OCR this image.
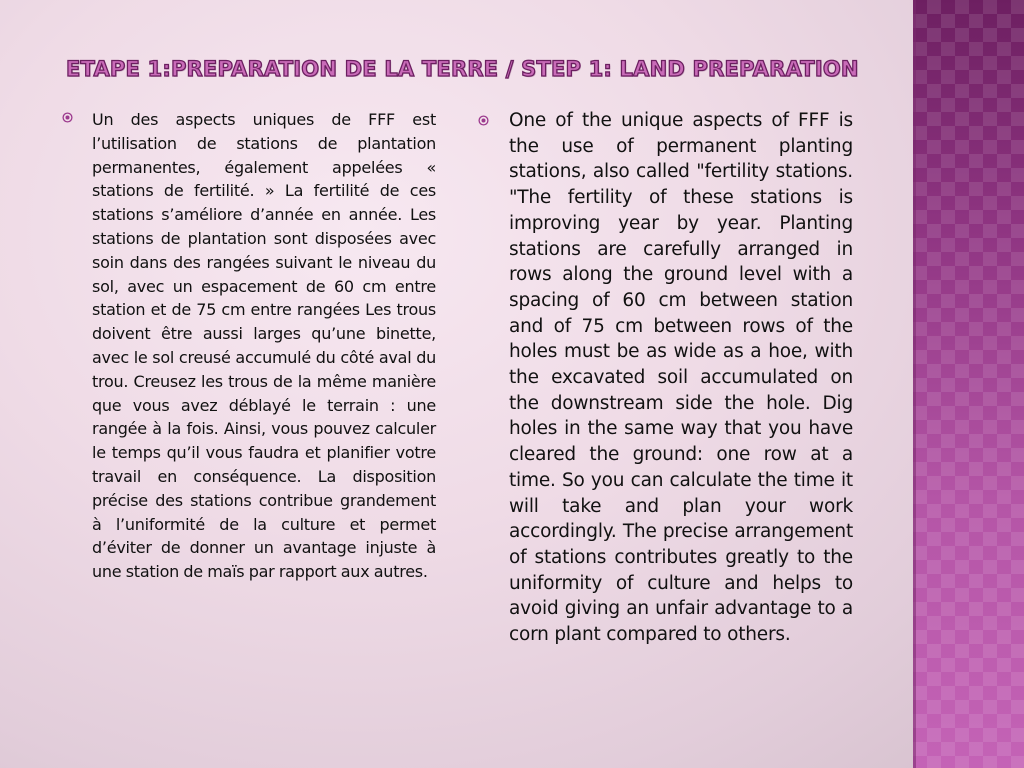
ETAPE 1:PREPARATION DE LA TERRE / STEP 1: LAND PREPARATION

Un des aspects uniques de FFF est l’utilisation de stations de plantation permanentes, également appelées « stations de fertilité. » La fertilité de ces stations s’améliore d’année en année. Les stations de plantation sont disposées avec soin dans des rangées suivant le niveau du sol, avec un espacement de 60 cm entre station et de 75 cm entre rangées Les trous doivent être aussi larges qu’une binette, avec le sol creusé accumulé du côté aval du trou. Creusez les trous de la même manière que vous avez déblayé le terrain : une rangée à la fois. Ainsi, vous pouvez calculer le temps qu’il vous faudra et planifier votre travail en conséquence. La disposition précise des stations contribue grandement à l’uniformité de la culture et permet d’éviter de donner un avantage injuste à une station de maïs par rapport aux autres.

One of the unique aspects of FFF is the use of permanent planting stations, also called "fertility stations. "The fertility of these stations is improving year by year. Planting stations are carefully arranged in rows along the ground level with a spacing of 60 cm between station and of 75 cm between rows of the holes must be as wide as a hoe, with the excavated soil accumulated on the downstream side the hole. Dig holes in the same way that you have cleared the ground: one row at a time. So you can calculate the time it will take and plan your work accordingly. The precise arrangement of stations contributes greatly to the uniformity of culture and helps to avoid giving an unfair advantage to a corn plant compared to others.
